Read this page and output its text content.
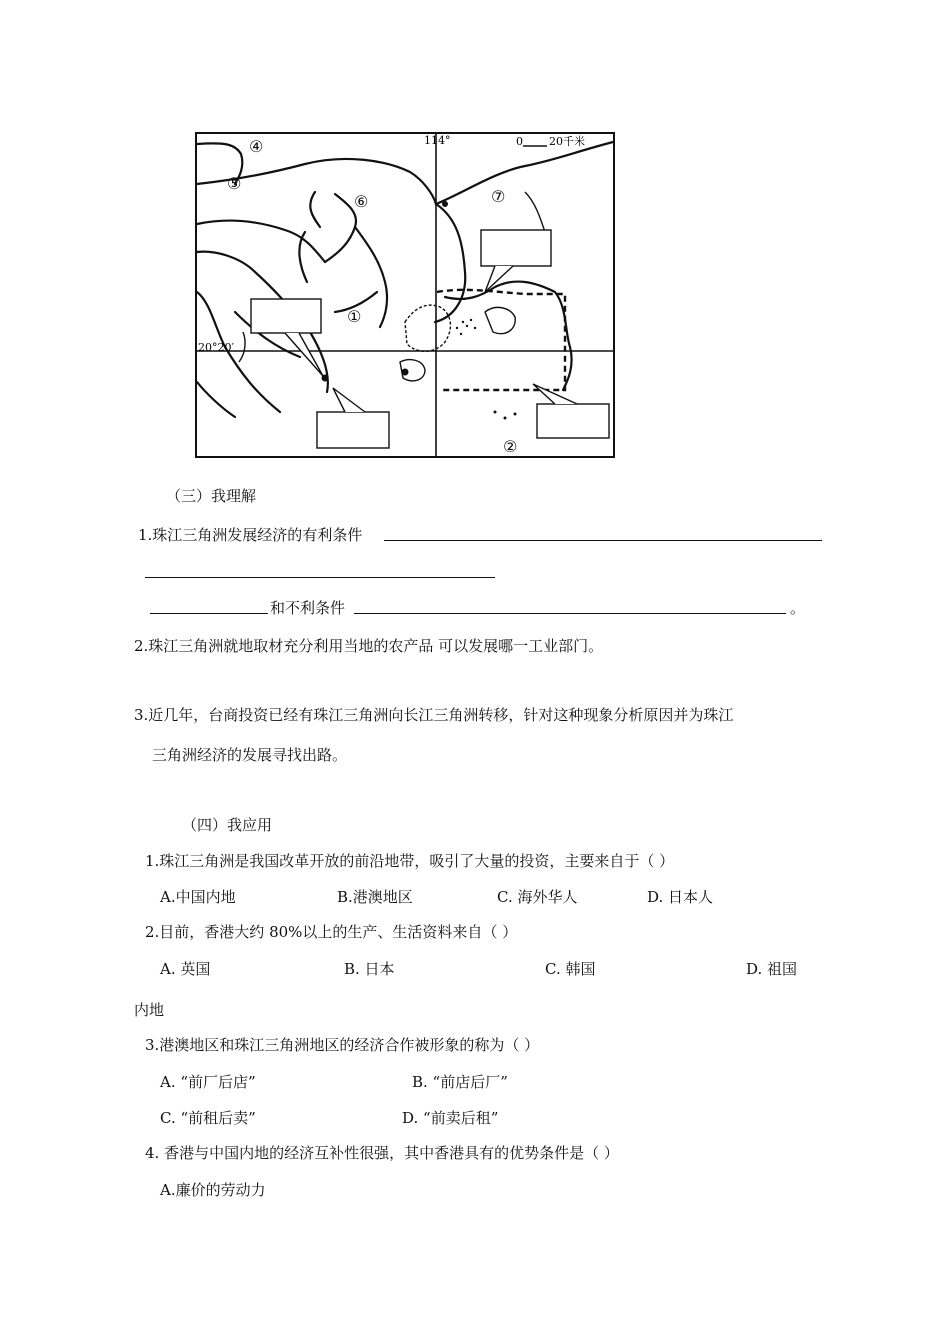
0 20千米
114°
20°20′
④
⑤
⑥	⑦
①
②
（三）我理解
1.珠江三角洲发展经济的有利条件
和不利条件	。
2.珠江三角洲就地取材充分利用当地的农产品 可以发展哪一工业部门。
3.近几年，台商投资已经有珠江三角洲向长江三角洲转移，针对这种现象分析原因并为珠江
三角洲经济的发展寻找出路。
（四）我应用
1.珠江三角洲是我国改革开放的前沿地带，吸引了大量的投资，主要来自于（ ）
A.中国内地	B.港澳地区	C. 海外华人	D. 日本人
2.目前，香港大约 80%以上的生产、生活资料来自（ ）
A. 英国	B. 日本	C. 韩国	D. 祖国
内地
3.港澳地区和珠江三角洲地区的经济合作被形象的称为（ ）
A. “前厂后店”	B. “前店后厂”
C. “前租后卖”	D. “前卖后租”
4. 香港与中国内地的经济互补性很强，其中香港具有的优势条件是（ ）
A.廉价的劳动力
